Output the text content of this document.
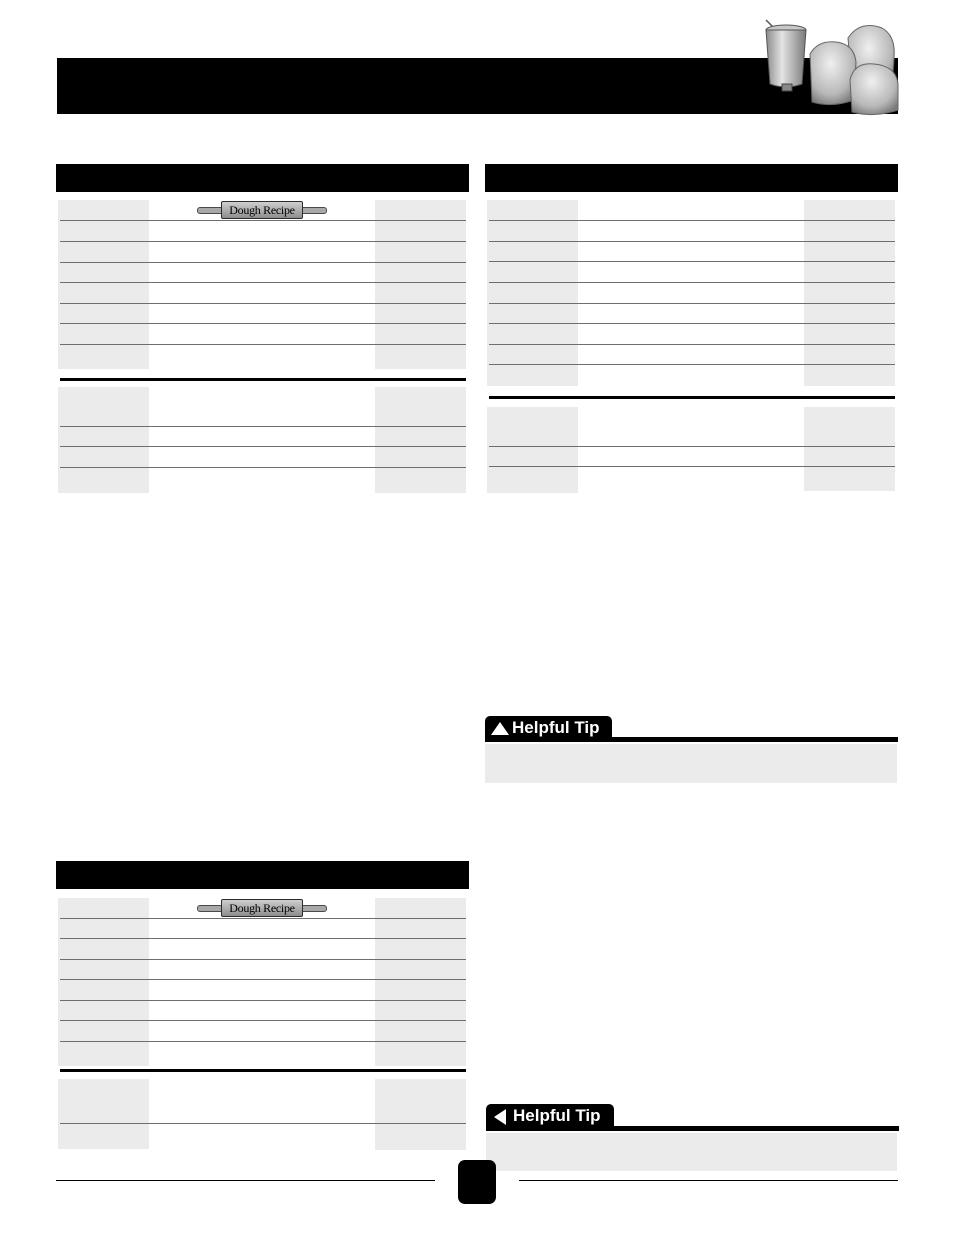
Dough Recipe
Helpful Tip
Dough Recipe
Helpful Tip
